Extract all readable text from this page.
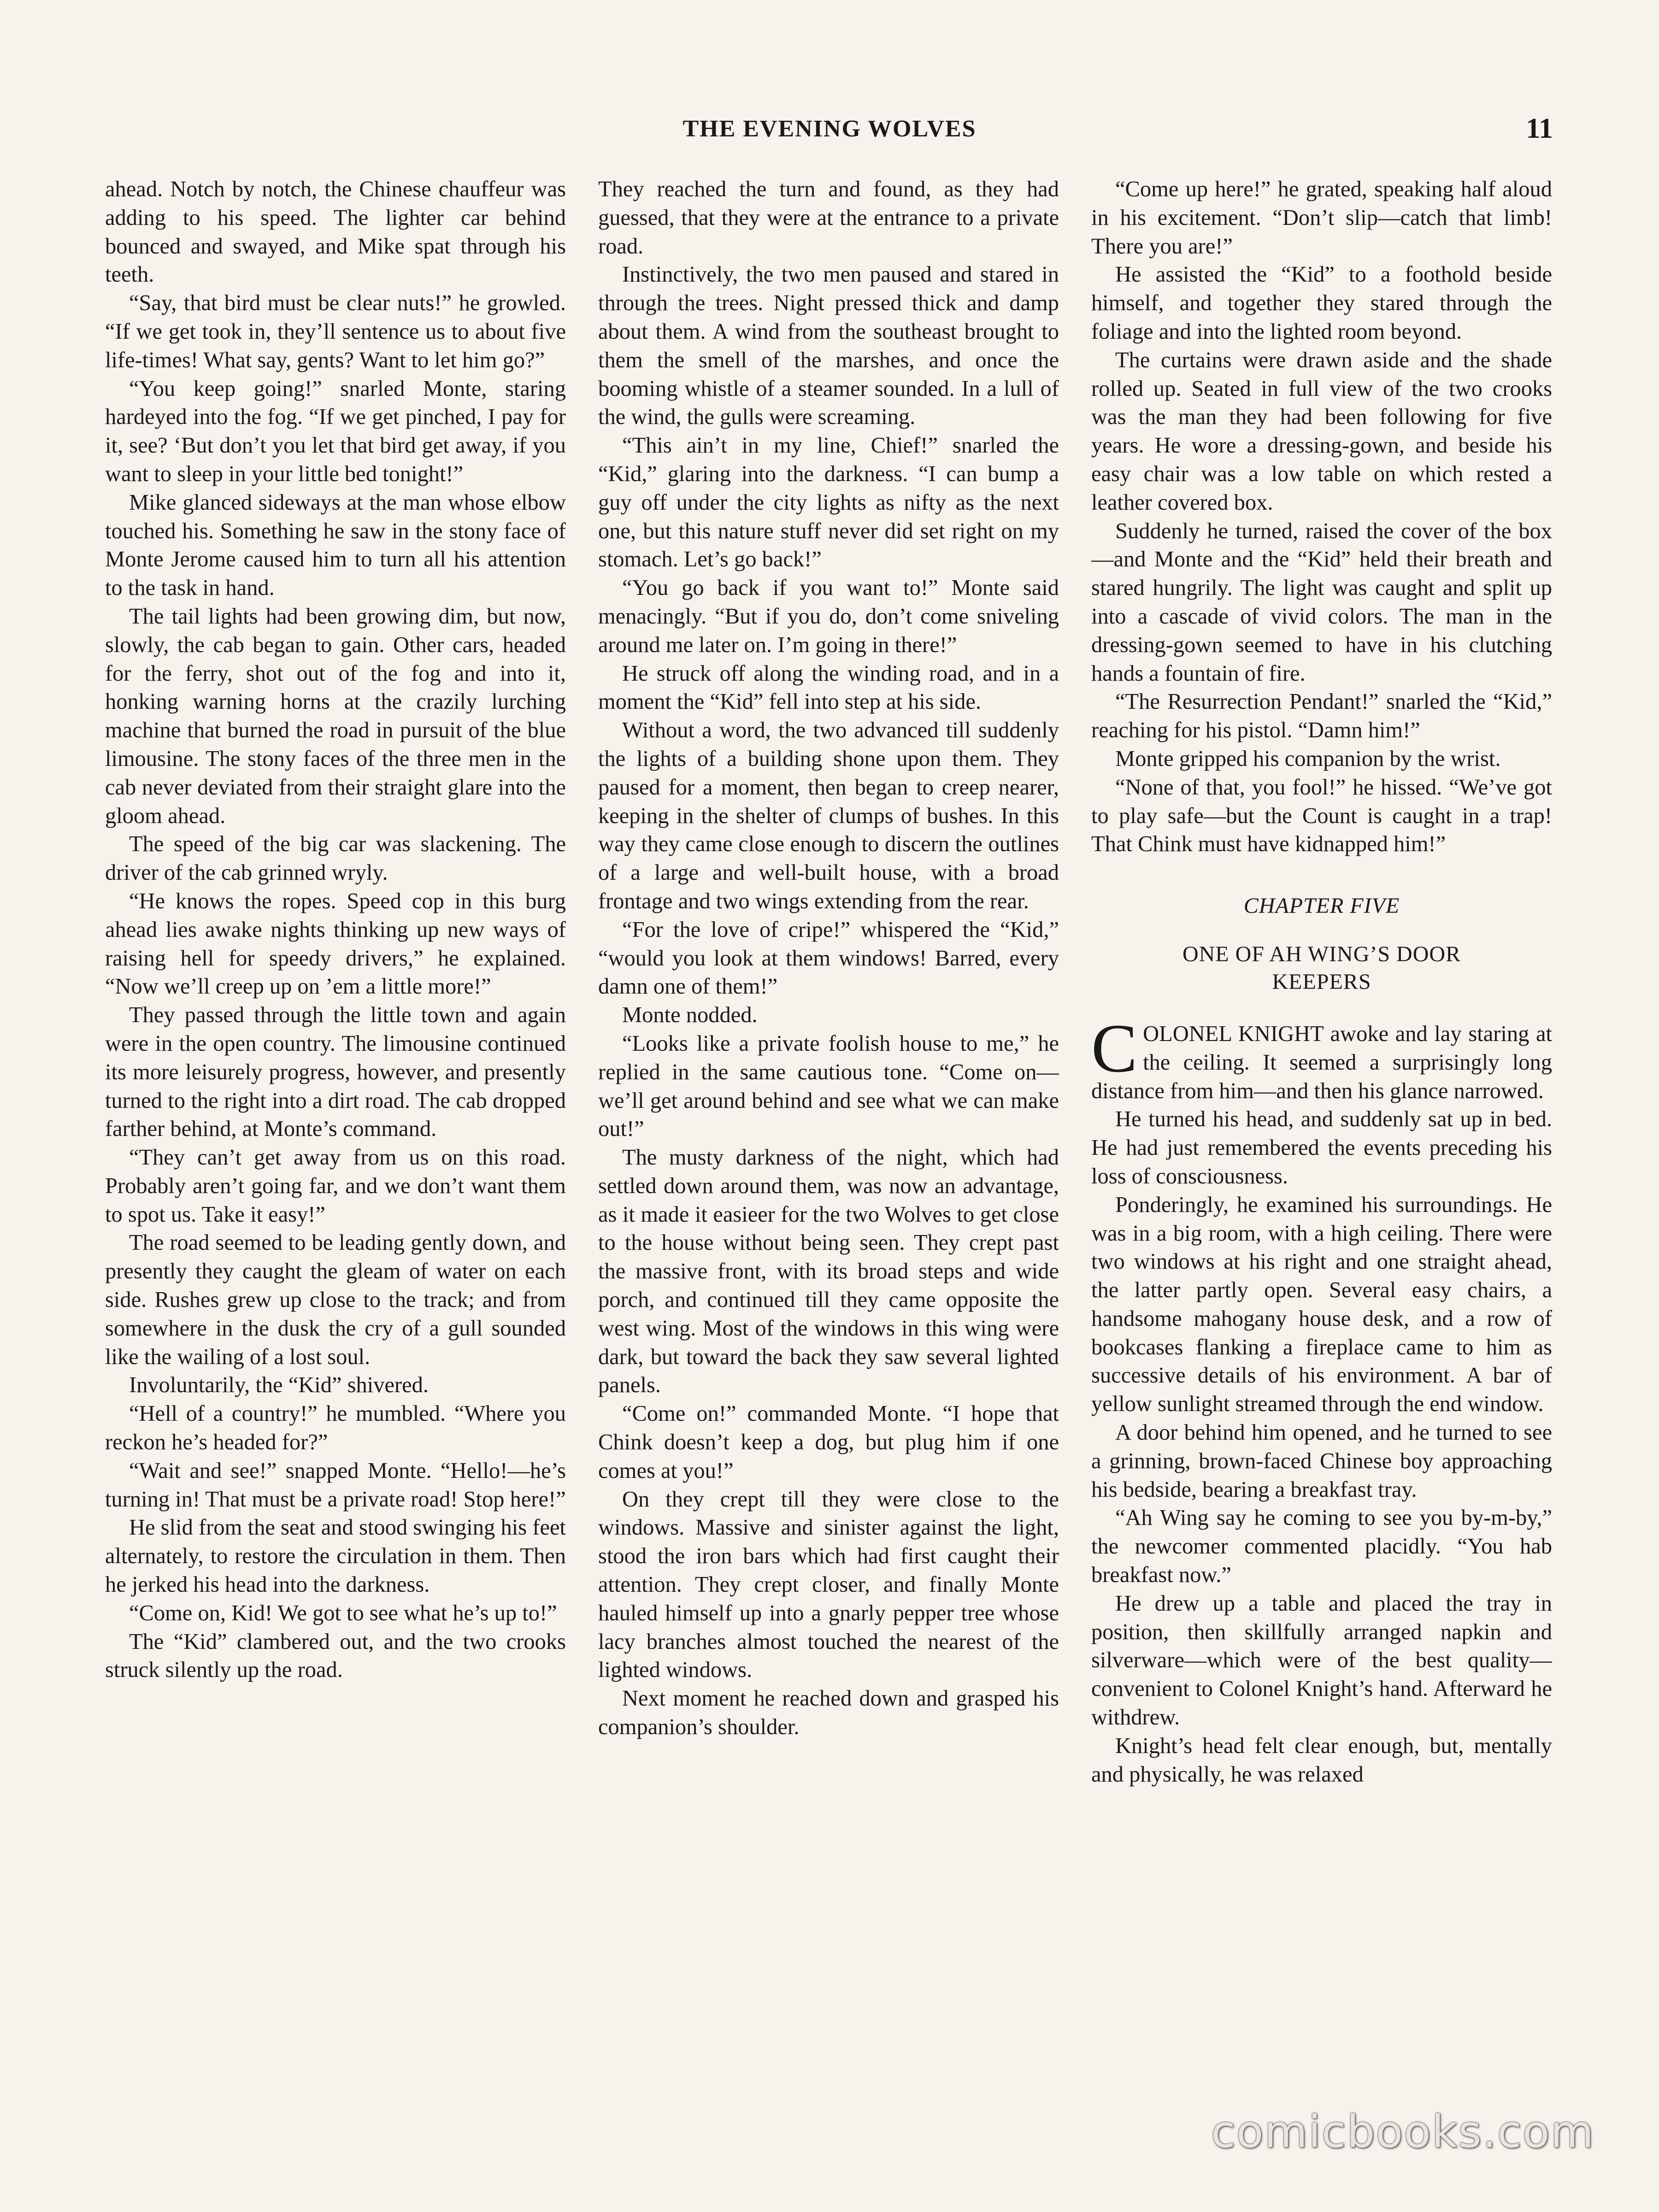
THE EVENING WOLVES	11

ahead. Notch by notch, the Chinese chauffeur was adding to his speed. The lighter car behind bounced and swayed, and Mike spat through his teeth.

“Say, that bird must be clear nuts!” he growled. “If we get took in, they’ll sentence us to about five life-times! What say, gents? Want to let him go?”

“You keep going!” snarled Monte, staring hardeyed into the fog. “If we get pinched, I pay for it, see? ‘But don’t you let that bird get away, if you want to sleep in your little bed tonight!”

Mike glanced sideways at the man whose elbow touched his. Something he saw in the stony face of Monte Jerome caused him to turn all his attention to the task in hand.

The tail lights had been growing dim, but now, slowly, the cab began to gain. Other cars, headed for the ferry, shot out of the fog and into it, honking warning horns at the crazily lurching machine that burned the road in pursuit of the blue limousine. The stony faces of the three men in the cab never deviated from their straight glare into the gloom ahead.

The speed of the big car was slackening. The driver of the cab grinned wryly.

“He knows the ropes. Speed cop in this burg ahead lies awake nights thinking up new ways of raising hell for speedy drivers,” he explained. “Now we’ll creep up on ’em a little more!”

They passed through the little town and again were in the open country. The limousine continued its more leisurely progress, however, and presently turned to the right into a dirt road. The cab dropped farther behind, at Monte’s command.

“They can’t get away from us on this road. Probably aren’t going far, and we don’t want them to spot us. Take it easy!”

The road seemed to be leading gently down, and presently they caught the gleam of water on each side. Rushes grew up close to the track; and from somewhere in the dusk the cry of a gull sounded like the wailing of a lost soul.

Involuntarily, the “Kid” shivered.

“Hell of a country!” he mumbled. “Where you reckon he’s headed for?”

“Wait and see!” snapped Monte. “Hello!—he’s turning in! That must be a private road! Stop here!”

He slid from the seat and stood swinging his feet alternately, to restore the circulation in them. Then he jerked his head into the darkness.

“Come on, Kid! We got to see what he’s up to!”

The “Kid” clambered out, and the two crooks struck silently up the road.

They reached the turn and found, as they had guessed, that they were at the entrance to a private road.

Instinctively, the two men paused and stared in through the trees. Night pressed thick and damp about them. A wind from the southeast brought to them the smell of the marshes, and once the booming whistle of a steamer sounded. In a lull of the wind, the gulls were screaming.

“This ain’t in my line, Chief!” snarled the “Kid,” glaring into the darkness. “I can bump a guy off under the city lights as nifty as the next one, but this nature stuff never did set right on my stomach. Let’s go back!”

“You go back if you want to!” Monte said menacingly. “But if you do, don’t come sniveling around me later on. I’m going in there!”

He struck off along the winding road, and in a moment the “Kid” fell into step at his side.

Without a word, the two advanced till suddenly the lights of a building shone upon them. They paused for a moment, then began to creep nearer, keeping in the shelter of clumps of bushes. In this way they came close enough to discern the outlines of a large and well-built house, with a broad frontage and two wings extending from the rear.

“For the love of cripe!” whispered the “Kid,” “would you look at them windows! Barred, every damn one of them!”

Monte nodded.

“Looks like a private foolish house to me,” he replied in the same cautious tone. “Come on—we’ll get around behind and see what we can make out!”

The musty darkness of the night, which had settled down around them, was now an advantage, as it made it easieer for the two Wolves to get close to the house without being seen. They crept past the massive front, with its broad steps and wide porch, and continued till they came opposite the west wing. Most of the windows in this wing were dark, but toward the back they saw several lighted panels.

“Come on!” commanded Monte. “I hope that Chink doesn’t keep a dog, but plug him if one comes at you!”

On they crept till they were close to the windows. Massive and sinister against the light, stood the iron bars which had first caught their attention. They crept closer, and finally Monte hauled himself up into a gnarly pepper tree whose lacy branches almost touched the nearest of the lighted windows.

Next moment he reached down and grasped his companion’s shoulder.

“Come up here!” he grated, speaking half aloud in his excitement. “Don’t slip—catch that limb! There you are!”

He assisted the “Kid” to a foothold beside himself, and together they stared through the foliage and into the lighted room beyond.

The curtains were drawn aside and the shade rolled up. Seated in full view of the two crooks was the man they had been following for five years. He wore a dressing-gown, and beside his easy chair was a low table on which rested a leather covered box.

Suddenly he turned, raised the cover of the box—and Monte and the “Kid” held their breath and stared hungrily. The light was caught and split up into a cascade of vivid colors. The man in the dressing-gown seemed to have in his clutching hands a fountain of fire.

“The Resurrection Pendant!” snarled the “Kid,” reaching for his pistol. “Damn him!”

Monte gripped his companion by the wrist.

“None of that, you fool!” he hissed. “We’ve got to play safe—but the Count is caught in a trap! That Chink must have kidnapped him!”

CHAPTER FIVE
ONE OF AH WING’S DOOR
KEEPERS

COLONEL KNIGHT awoke and lay staring at the ceiling. It seemed a surprisingly long distance from him—and then his glance narrowed.

He turned his head, and suddenly sat up in bed. He had just remembered the events preceding his loss of consciousness.

Ponderingly, he examined his surroundings. He was in a big room, with a high ceiling. There were two windows at his right and one straight ahead, the latter partly open. Several easy chairs, a handsome mahogany house desk, and a row of bookcases flanking a fireplace came to him as successive details of his environment. A bar of yellow sunlight streamed through the end window.

A door behind him opened, and he turned to see a grinning, brown-faced Chinese boy approaching his bedside, bearing a breakfast tray.

“Ah Wing say he coming to see you by-m-by,” the newcomer commented placidly. “You hab breakfast now.”

He drew up a table and placed the tray in position, then skillfully arranged napkin and silverware—which were of the best quality—convenient to Colonel Knight’s hand. Afterward he withdrew.

Knight’s head felt clear enough, but, mentally and physically, he was relaxed

comicbooks.com
